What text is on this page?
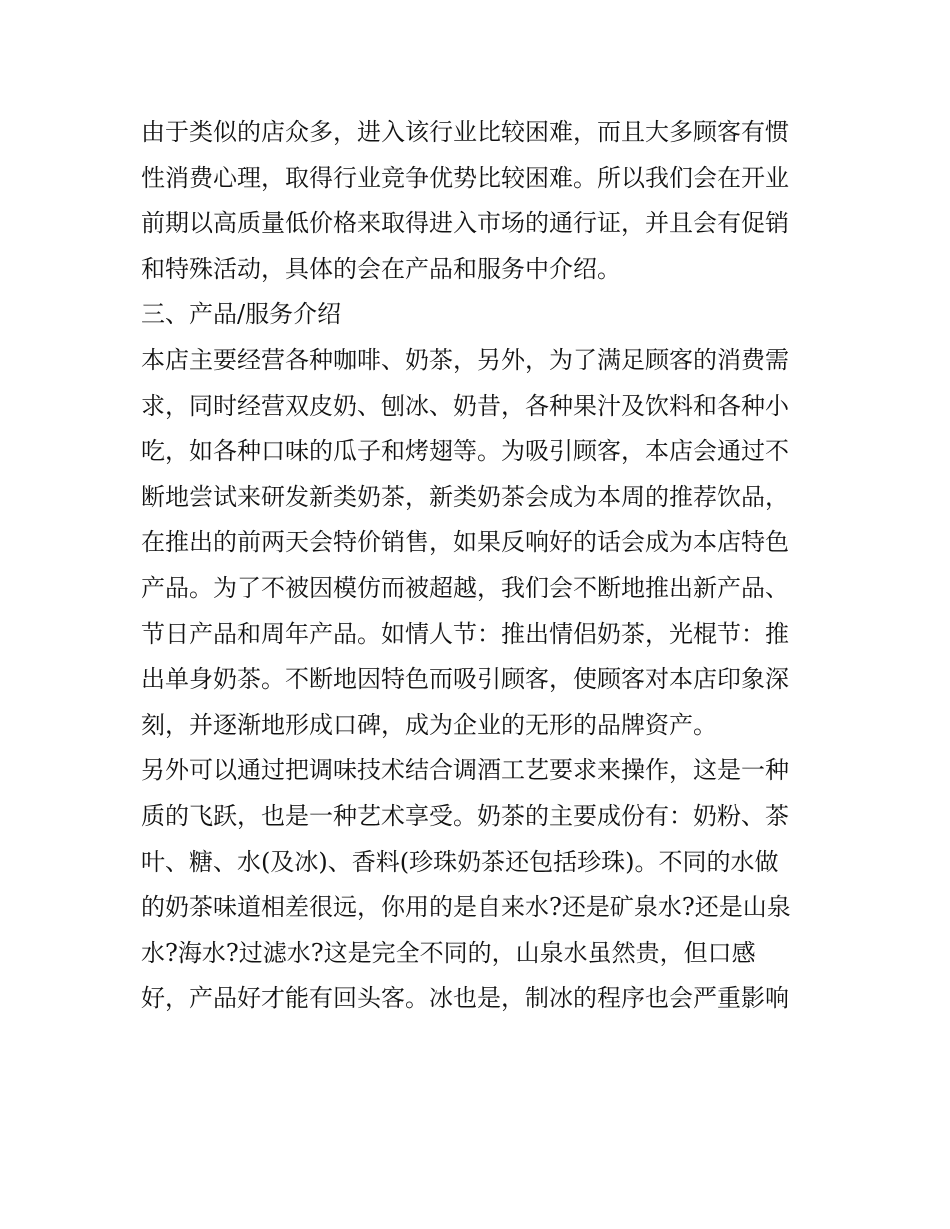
由于类似的店众多，进入该行业比较困难，而且大多顾客有惯
性消费心理，取得行业竞争优势比较困难。所以我们会在开业
前期以高质量低价格来取得进入市场的通行证，并且会有促销
和特殊活动，具体的会在产品和服务中介绍。
三、产品/服务介绍
本店主要经营各种咖啡、奶茶，另外，为了满足顾客的消费需
求，同时经营双皮奶、刨冰、奶昔，各种果汁及饮料和各种小
吃，如各种口味的瓜子和烤翅等。为吸引顾客，本店会通过不
断地尝试来研发新类奶茶，新类奶茶会成为本周的推荐饮品，
在推出的前两天会特价销售，如果反响好的话会成为本店特色
产品。为了不被因模仿而被超越，我们会不断地推出新产品、
节日产品和周年产品。如情人节：推出情侣奶茶，光棍节：推
出单身奶茶。不断地因特色而吸引顾客，使顾客对本店印象深
刻，并逐渐地形成口碑，成为企业的无形的品牌资产。
另外可以通过把调味技术结合调酒工艺要求来操作，这是一种
质的飞跃，也是一种艺术享受。奶茶的主要成份有：奶粉、茶
叶、糖、水(及冰)、香料(珍珠奶茶还包括珍珠)。不同的水做
的奶茶味道相差很远，你用的是自来水?还是矿泉水?还是山泉
水?海水?过滤水?这是完全不同的，山泉水虽然贵，但口感
好，产品好才能有回头客。冰也是，制冰的程序也会严重影响
